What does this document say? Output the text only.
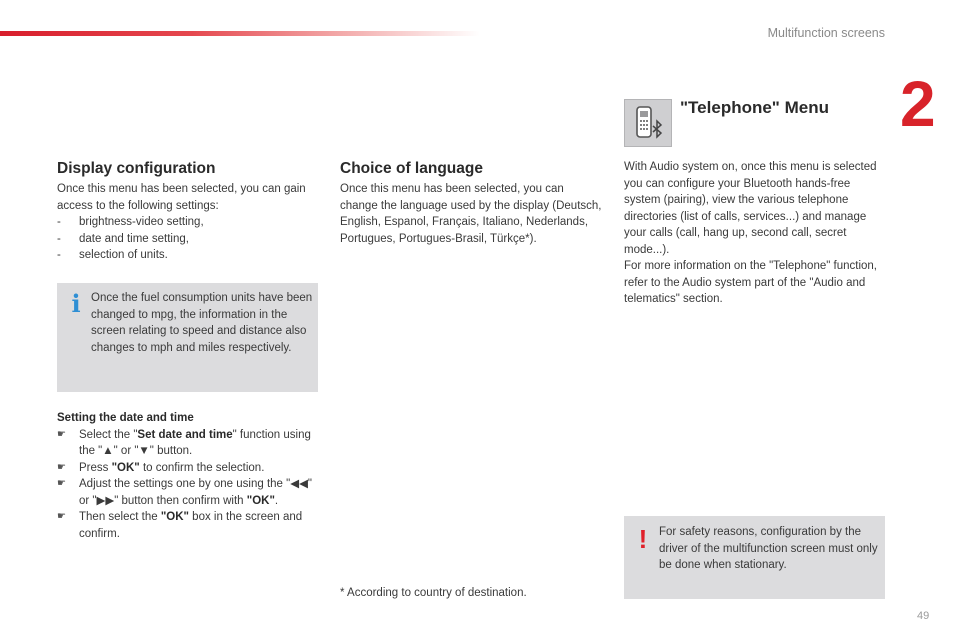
Multifunction screens
2
Display configuration

Once this menu has been selected, you can gain access to the following settings:

-	brightness-video setting,
-	date and time setting,
-	selection of units.
i Once the fuel consumption units have been changed to mpg, the information in the screen relating to speed and distance also changes to mph and miles respectively.
Setting the date and time
☛	Select the "Set date and time" function using the "▲" or "▼" button.
☛	Press "OK" to confirm the selection.
☛	Adjust the settings one by one using the "◀◀" or "▶▶" button then confirm with "OK".
☛	Then select the "OK" box in the screen and confirm.
Choice of language
Once this menu has been selected, you can change the language used by the display (Deutsch, English, Espanol, Français, Italiano, Nederlands, Portugues, Portugues-Brasil, Türkçe*).
"Telephone" Menu

With Audio system on, once this menu is selected you can configure your Bluetooth hands-free system (pairing), view the various telephone directories (list of calls, services...) and manage your calls (call, hang up, second call, secret mode...).

For more information on the "Telephone" function, refer to the Audio system part of the "Audio and telematics" section.

!	For safety reasons, configuration by the driver of the multifunction screen must only be done when stationary.
* According to country of destination.
49
